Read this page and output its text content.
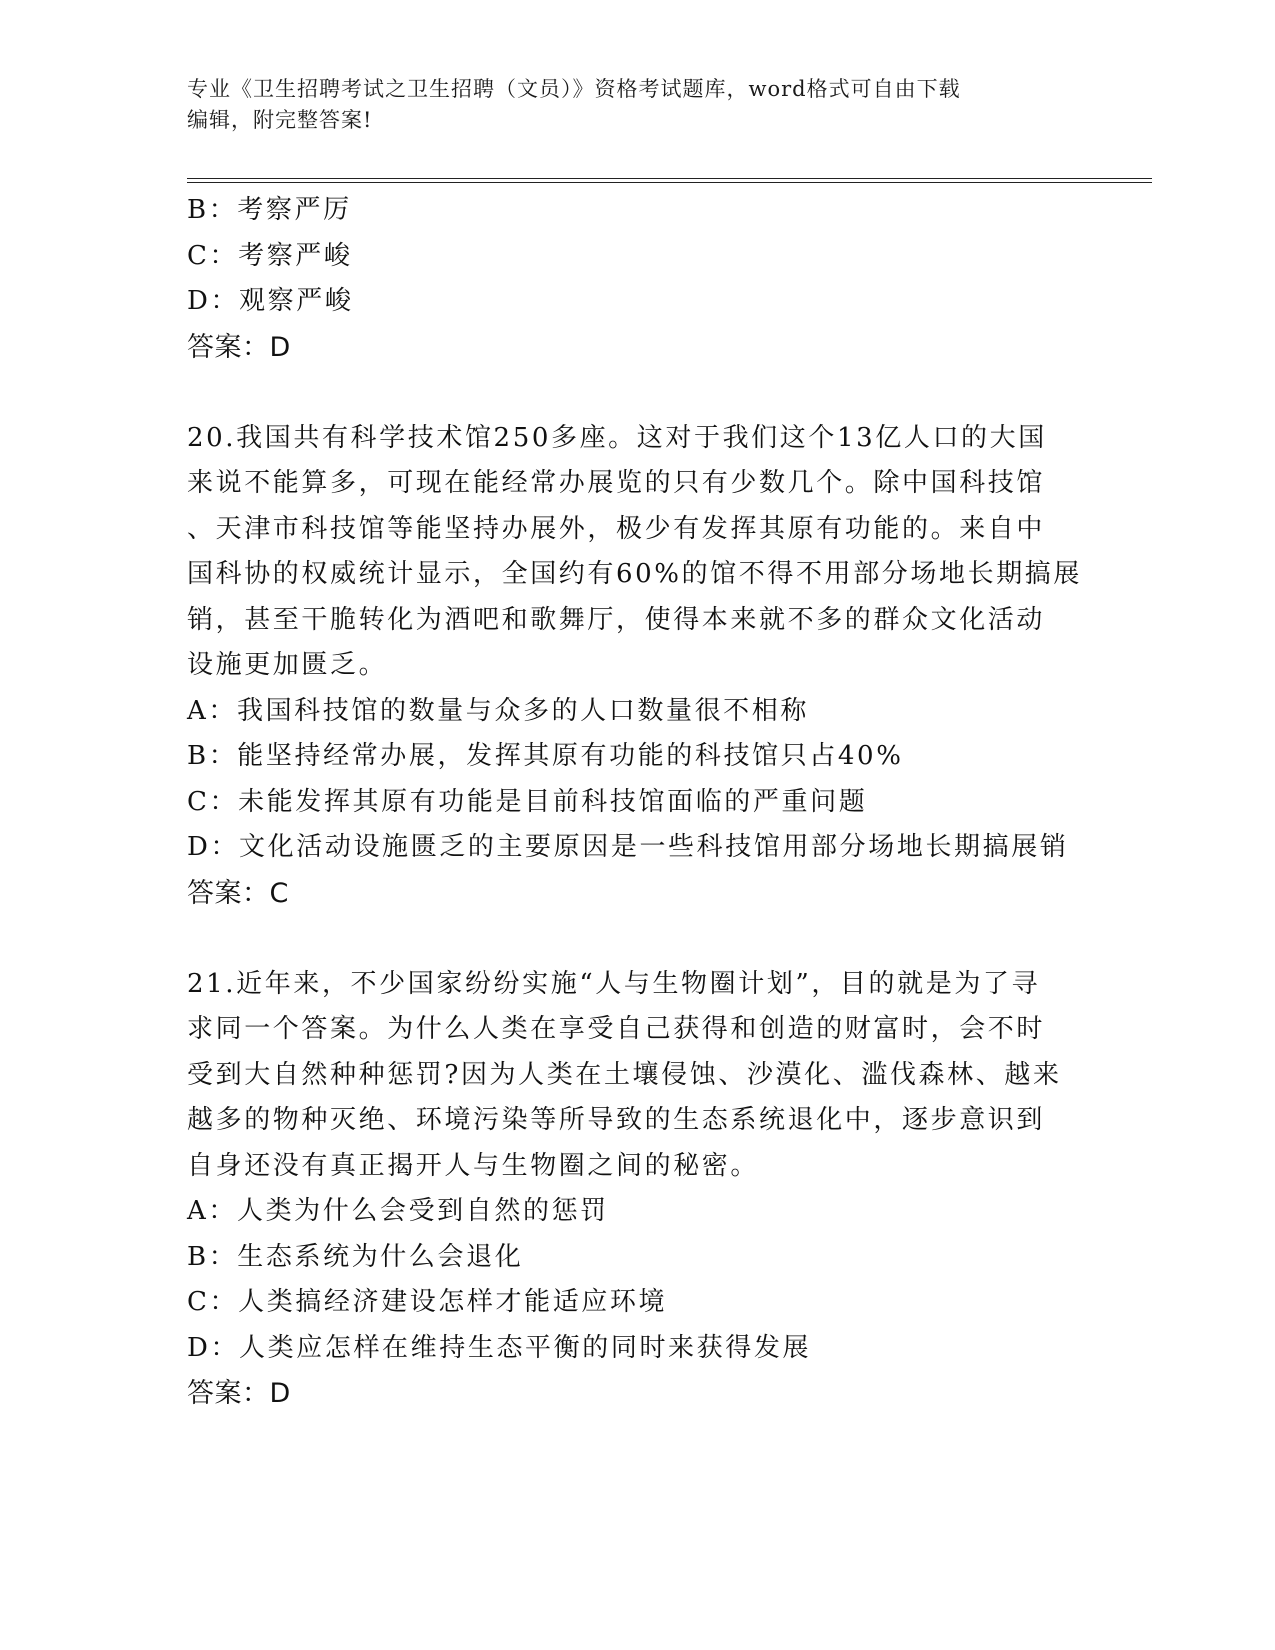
专业《卫生招聘考试之卫生招聘（文员）》资格考试题库，word格式可自由下载
编辑，附完整答案!
B：考察严厉
C：考察严峻
D：观察严峻
答案：D
20.我国共有科学技术馆250多座。这对于我们这个13亿人口的大国
来说不能算多，可现在能经常办展览的只有少数几个。除中国科技馆
、天津市科技馆等能坚持办展外，极少有发挥其原有功能的。来自中
国科协的权威统计显示，全国约有60%的馆不得不用部分场地长期搞展
销，甚至干脆转化为酒吧和歌舞厅，使得本来就不多的群众文化活动
设施更加匮乏。
A：我国科技馆的数量与众多的人口数量很不相称
B：能坚持经常办展，发挥其原有功能的科技馆只占40%
C：未能发挥其原有功能是目前科技馆面临的严重问题
D：文化活动设施匮乏的主要原因是一些科技馆用部分场地长期搞展销
答案：C
21.近年来，不少国家纷纷实施“人与生物圈计划”，目的就是为了寻
求同一个答案。为什么人类在享受自己获得和创造的财富时，会不时
受到大自然种种惩罚?因为人类在土壤侵蚀、沙漠化、滥伐森林、越来
越多的物种灭绝、环境污染等所导致的生态系统退化中，逐步意识到
自身还没有真正揭开人与生物圈之间的秘密。
A：人类为什么会受到自然的惩罚
B：生态系统为什么会退化
C：人类搞经济建设怎样才能适应环境
D：人类应怎样在维持生态平衡的同时来获得发展
答案：D
